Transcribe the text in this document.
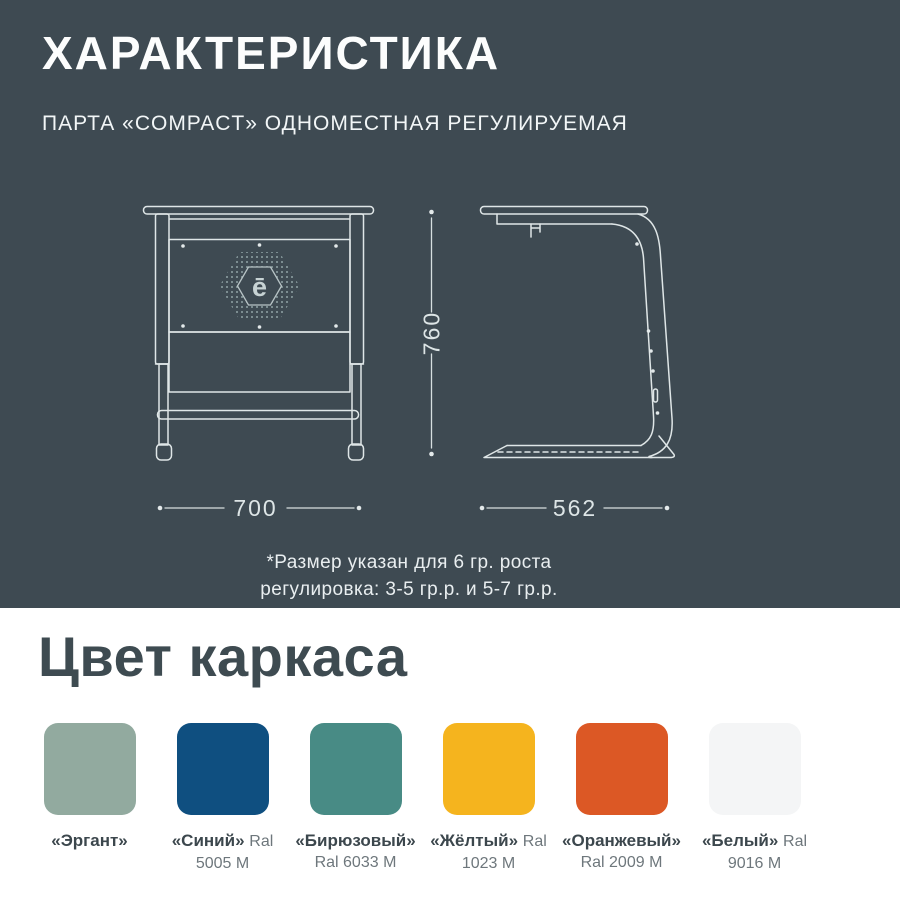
ХАРАКТЕРИСТИКА

ПАРТА «COMPACT» ОДНОМЕСТНАЯ РЕГУЛИРУЕМАЯ

ē
700
760
562

*Размер указан для 6 гр. роста
регулировка: 3-5 гр.р. и 5-7 гр.р.

Цвет каркаса
«Эргант»	«Синий» Ral 5005 M
«Бирюзовый» Ral 6033 M
«Жёлтый» Ral 1023 M
«Оранжевый» Ral 2009 M
«Белый» Ral 9016 M
